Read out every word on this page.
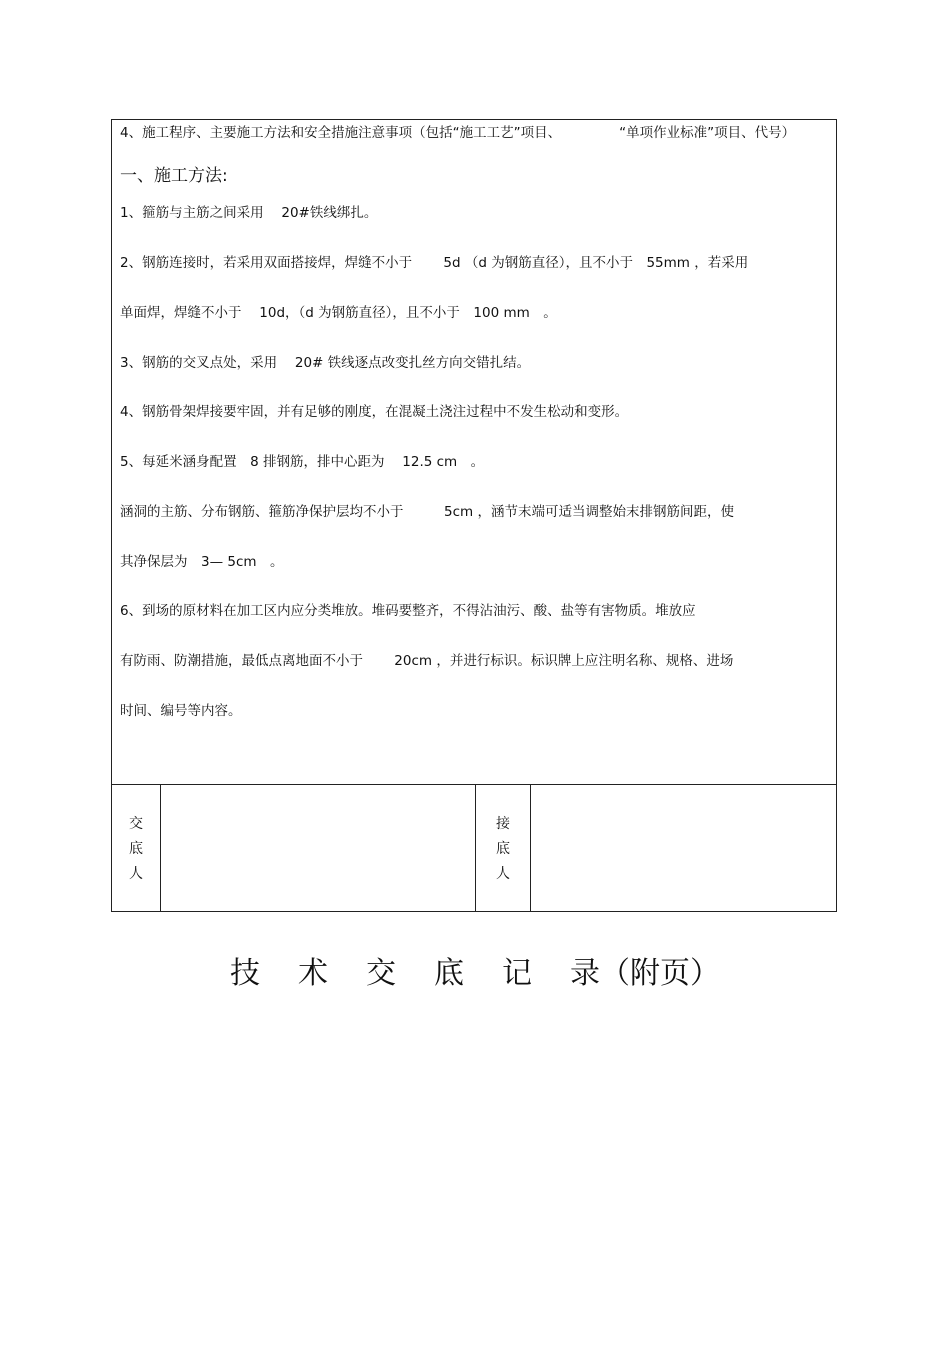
4、施工程序、主要施工方法和安全措施注意事项（包括“施工工艺”项目、	“单项作业标准”项目、代号）
一、施工方法:
1、箍筋与主筋之间采用　 20#铁线绑扎。
2、钢筋连接时，若采用双面搭接焊，焊缝不小于　　 5d （d 为钢筋直径），且不小于　55mm ，若采用
单面焊，焊缝不小于　 10d，（d 为钢筋直径），且不小于　100 mm　。
3、钢筋的交叉点处，采用　 20# 铁线逐点改变扎丝方向交错扎结。
4、钢筋骨架焊接要牢固，并有足够的刚度，在混凝土浇注过程中不发生松动和变形。
5、每延米涵身配置　8 排钢筋，排中心距为　 12.5 cm　。
涵洞的主筋、分布钢筋、箍筋净保护层均不小于　　　5cm ，涵节末端可适当调整始末排钢筋间距，使
其净保层为　3— 5cm　。
6、到场的原材料在加工区内应分类堆放。堆码要整齐，不得沾油污、酸、盐等有害物质。堆放应
有防雨、防潮措施，最低点离地面不小于　　 20cm ，并进行标识。标识牌上应注明名称、规格、进场
时间、编号等内容。
交
底
人
接
底
人
技 术 交 底 记 录（附页）
